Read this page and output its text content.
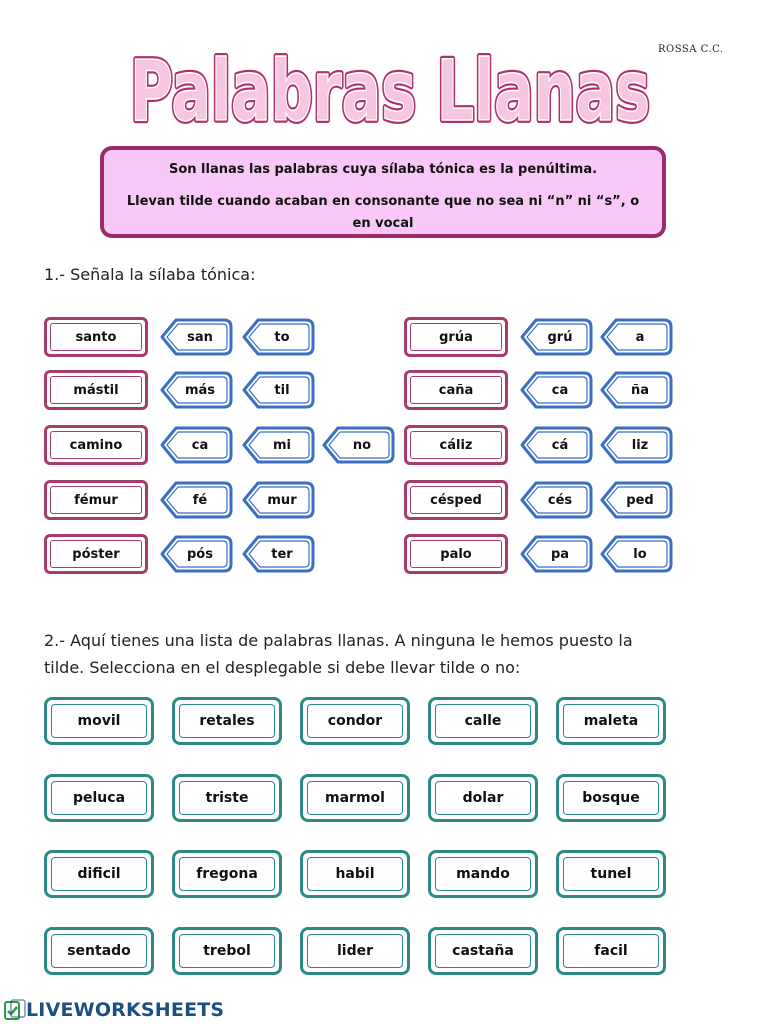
Palabras Llanas
Palabras Llanas ROSSA C.C.
Son llanas las palabras cuya sílaba tónica es la penúltima.
Llevan tilde cuando acaban en consonante que no sea ni “n” ni “s”, o
en vocal
1.- Señala la sílaba tónica:
santo	san	to
mástil	más	til
camino	ca	mi	no
fémur	fé	mur
póster	pós	ter
grúa	grú	a
caña	ca	ña
cáliz	cá	liz
césped	cés	ped
palo	pa	lo
2.- Aquí tienes una lista de palabras llanas. A ninguna le hemos puesto la
tilde. Selecciona en el desplegable si debe llevar tilde o no:
movil	retales	condor	calle	maleta
peluca	triste	marmol	dolar	bosque
dificil	fregona	habil	mando	tunel
sentado	trebol	lider	castaña	facil
LIVEWORKSHEETS
